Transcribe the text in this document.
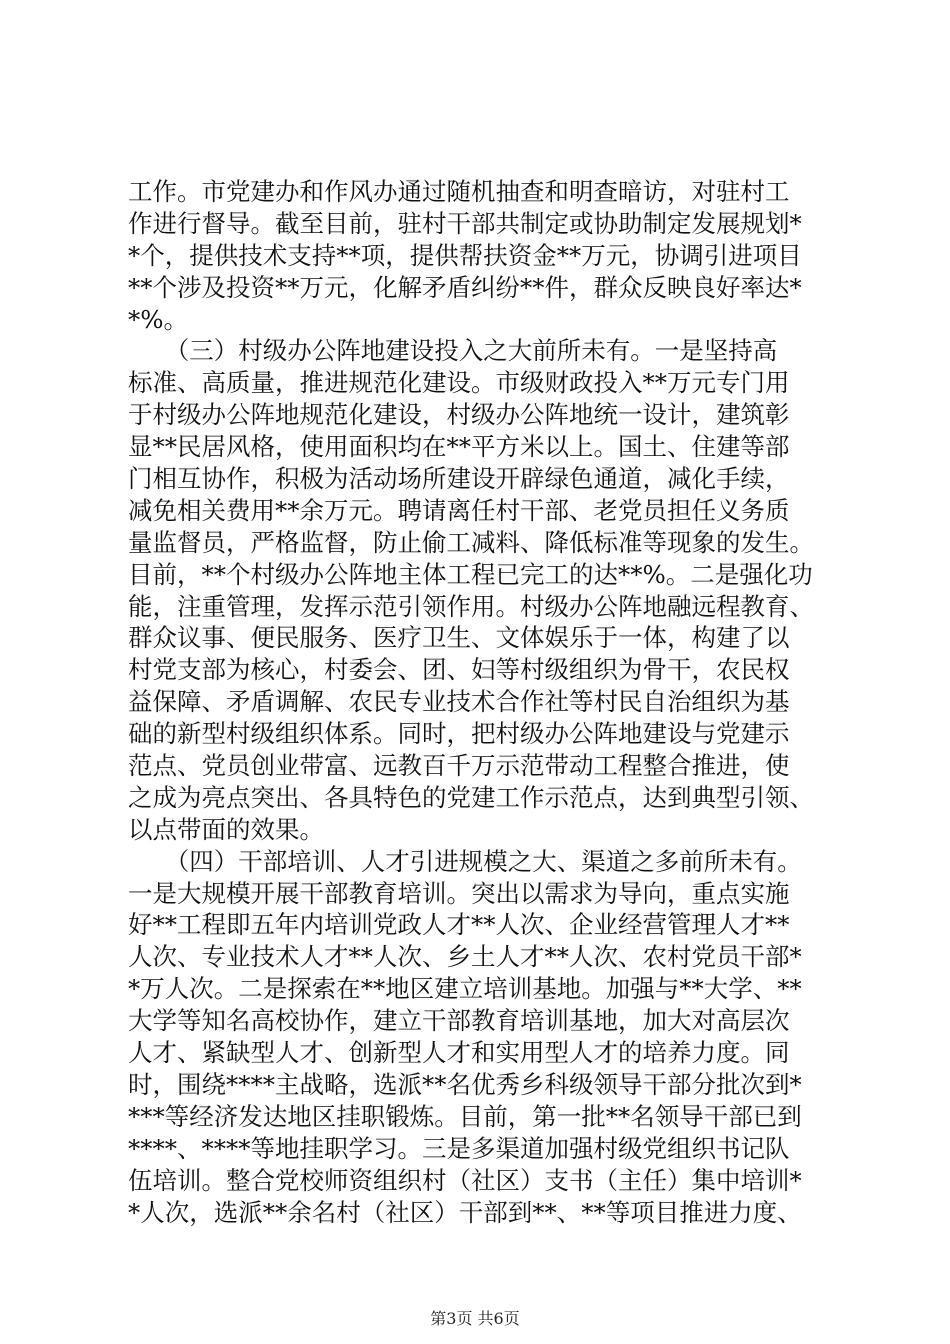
工作。市党建办和作风办通过随机抽查和明查暗访，对驻村工
作进行督导。截至目前，驻村干部共制定或协助制定发展规划*
*个，提供技术支持**项，提供帮扶资金**万元，协调引进项目
**个涉及投资**万元，化解矛盾纠纷**件，群众反映良好率达*
*%。
　　（三）村级办公阵地建设投入之大前所未有。一是坚持高
标准、高质量，推进规范化建设。市级财政投入**万元专门用
于村级办公阵地规范化建设，村级办公阵地统一设计，建筑彰
显**民居风格，使用面积均在**平方米以上。国土、住建等部
门相互协作，积极为活动场所建设开辟绿色通道，减化手续，
减免相关费用**余万元。聘请离任村干部、老党员担任义务质
量监督员，严格监督，防止偷工减料、降低标准等现象的发生。
目前，**个村级办公阵地主体工程已完工的达**%。二是强化功
能，注重管理，发挥示范引领作用。村级办公阵地融远程教育、
群众议事、便民服务、医疗卫生、文体娱乐于一体，构建了以
村党支部为核心，村委会、团、妇等村级组织为骨干，农民权
益保障、矛盾调解、农民专业技术合作社等村民自治组织为基
础的新型村级组织体系。同时，把村级办公阵地建设与党建示
范点、党员创业带富、远教百千万示范带动工程整合推进，使
之成为亮点突出、各具特色的党建工作示范点，达到典型引领、
以点带面的效果。
　　（四）干部培训、人才引进规模之大、渠道之多前所未有。
一是大规模开展干部教育培训。突出以需求为导向，重点实施
好**工程即五年内培训党政人才**人次、企业经营管理人才**
人次、专业技术人才**人次、乡土人才**人次、农村党员干部*
*万人次。二是探索在**地区建立培训基地。加强与**大学、**
大学等知名高校协作，建立干部教育培训基地，加大对高层次
人才、紧缺型人才、创新型人才和实用型人才的培养力度。同
时，围绕****主战略，选派**名优秀乡科级领导干部分批次到*
***等经济发达地区挂职锻炼。目前，第一批**名领导干部已到
****、****等地挂职学习。三是多渠道加强村级党组织书记队
伍培训。整合党校师资组织村（社区）支书（主任）集中培训*
*人次，选派**余名村（社区）干部到**、**等项目推进力度、
第3页 共6页
